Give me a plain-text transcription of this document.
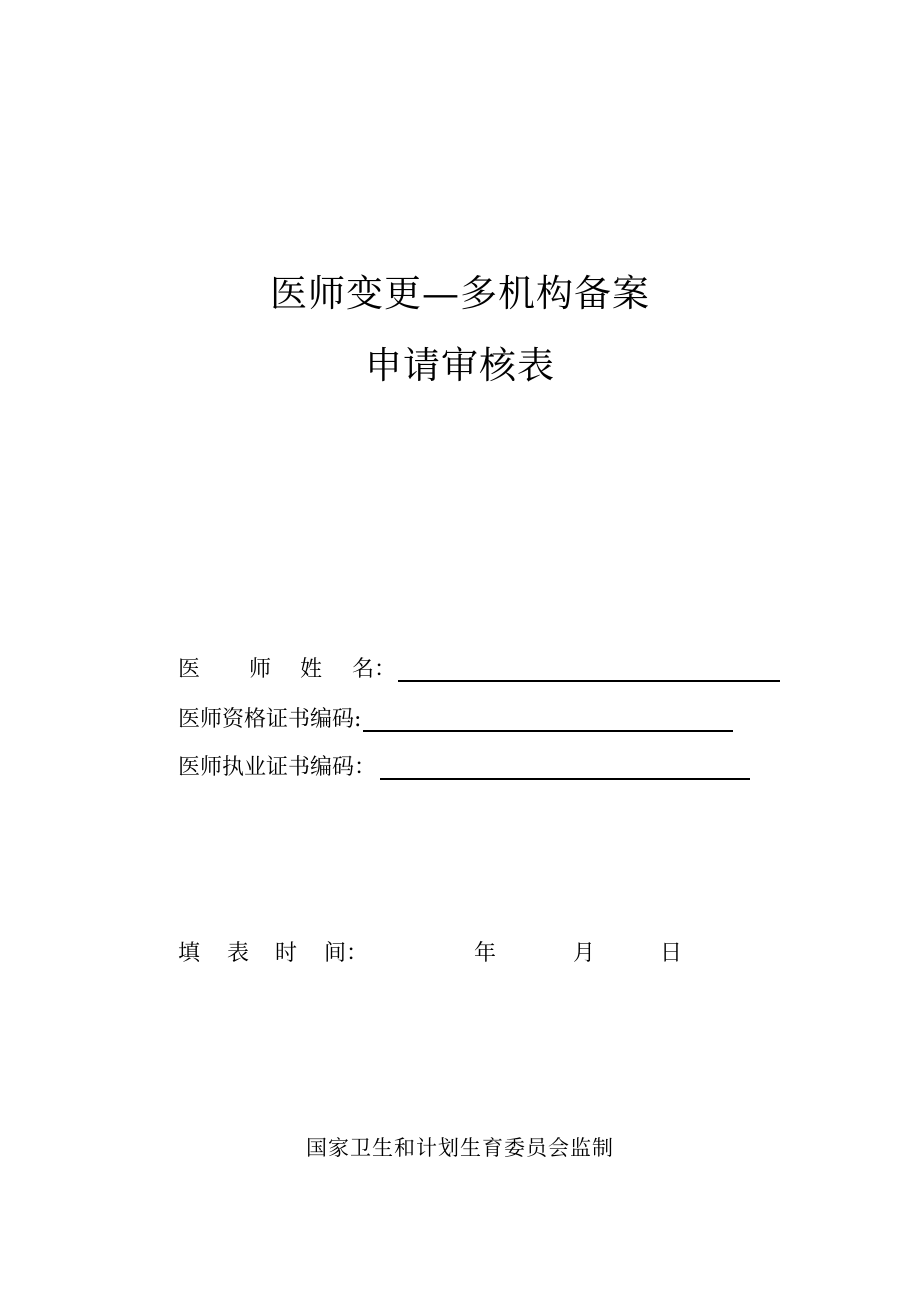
医师变更—多机构备案
申请审核表
医 师 姓 名：
医师资格证书编码:
医师执业证书编码：
填 表 时 间：	年	月	日
国家卫生和计划生育委员会监制
